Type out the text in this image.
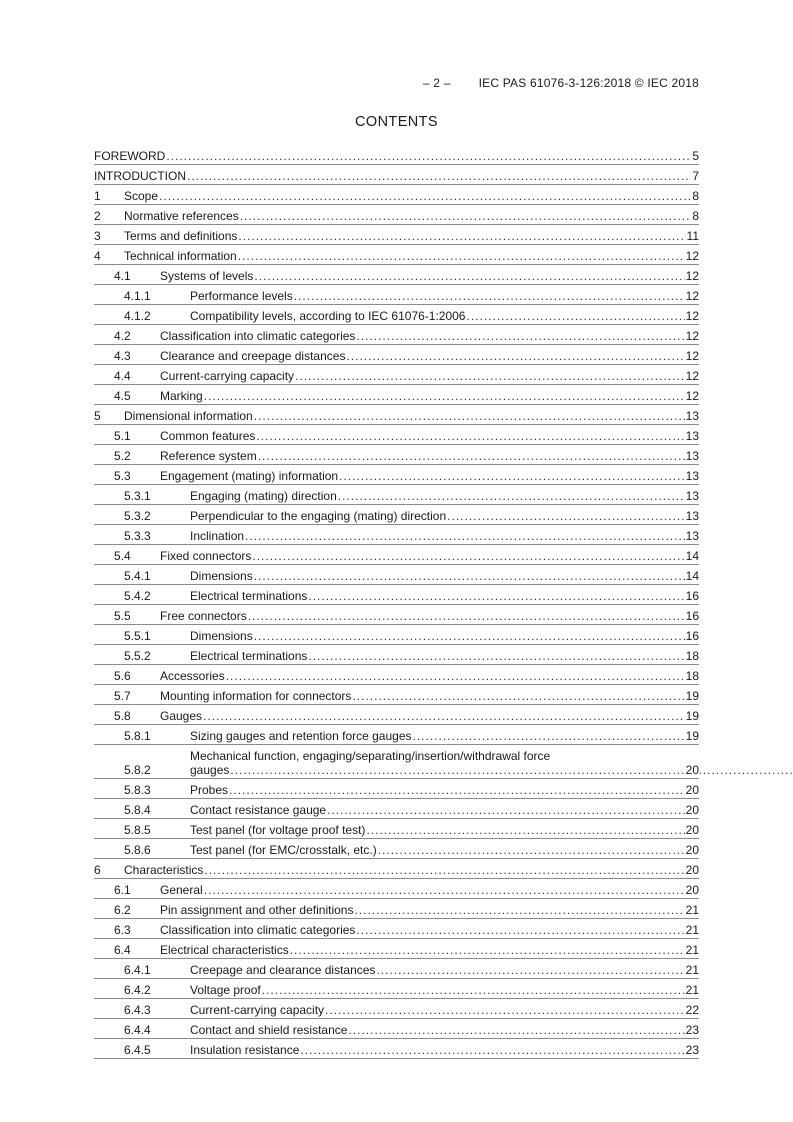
– 2 – IEC PAS 61076-3-126:2018 © IEC 2018
CONTENTS
FOREWORD .....	5
INTRODUCTION .....	7
1	Scope .....	8
2	Normative references .....	8
3	Terms and definitions .....	11
4	Technical information .....	12
4.1	Systems of levels .....	12
4.1.1	Performance levels .....	12
4.1.2	Compatibility levels, according to IEC 61076-1:2006 .....	12
4.2	Classification into climatic categories .....	12
4.3	Clearance and creepage distances .....	12
4.4	Current-carrying capacity .....	12
4.5	Marking .....	12
5	Dimensional information .....	13
5.1	Common features .....	13
5.2	Reference system .....	13
5.3	Engagement (mating) information .....	13
5.3.1	Engaging (mating) direction .....	13
5.3.2	Perpendicular to the engaging (mating) direction .....	13
5.3.3	Inclination .....	13
5.4	Fixed connectors .....	14
5.4.1	Dimensions .....	14
5.4.2	Electrical terminations .....	16
5.5	Free connectors .....	16
5.5.1	Dimensions .....	16
5.5.2	Electrical terminations .....	18
5.6	Accessories .....	18
5.7	Mounting information for connectors .....	19
5.8	Gauges .....	19
5.8.1	Sizing gauges and retention force gauges .....	19
5.8.2
Mechanical function, engaging/separating/insertion/withdrawal force
gauges .....	20
5.8.3	Probes .....	20
5.8.4	Contact resistance gauge .....	20
5.8.5	Test panel (for voltage proof test) .....	20
5.8.6	Test panel (for EMC/crosstalk, etc.) .....	20
6	Characteristics .....	20
6.1	General .....	20
6.2	Pin assignment and other definitions .....	21
6.3	Classification into climatic categories .....	21
6.4	Electrical characteristics .....	21
6.4.1	Creepage and clearance distances .....	21
6.4.2	Voltage proof .....	21
6.4.3	Current-carrying capacity .....	22
6.4.4	Contact and shield resistance .....	23
6.4.5	Insulation resistance .....	23
